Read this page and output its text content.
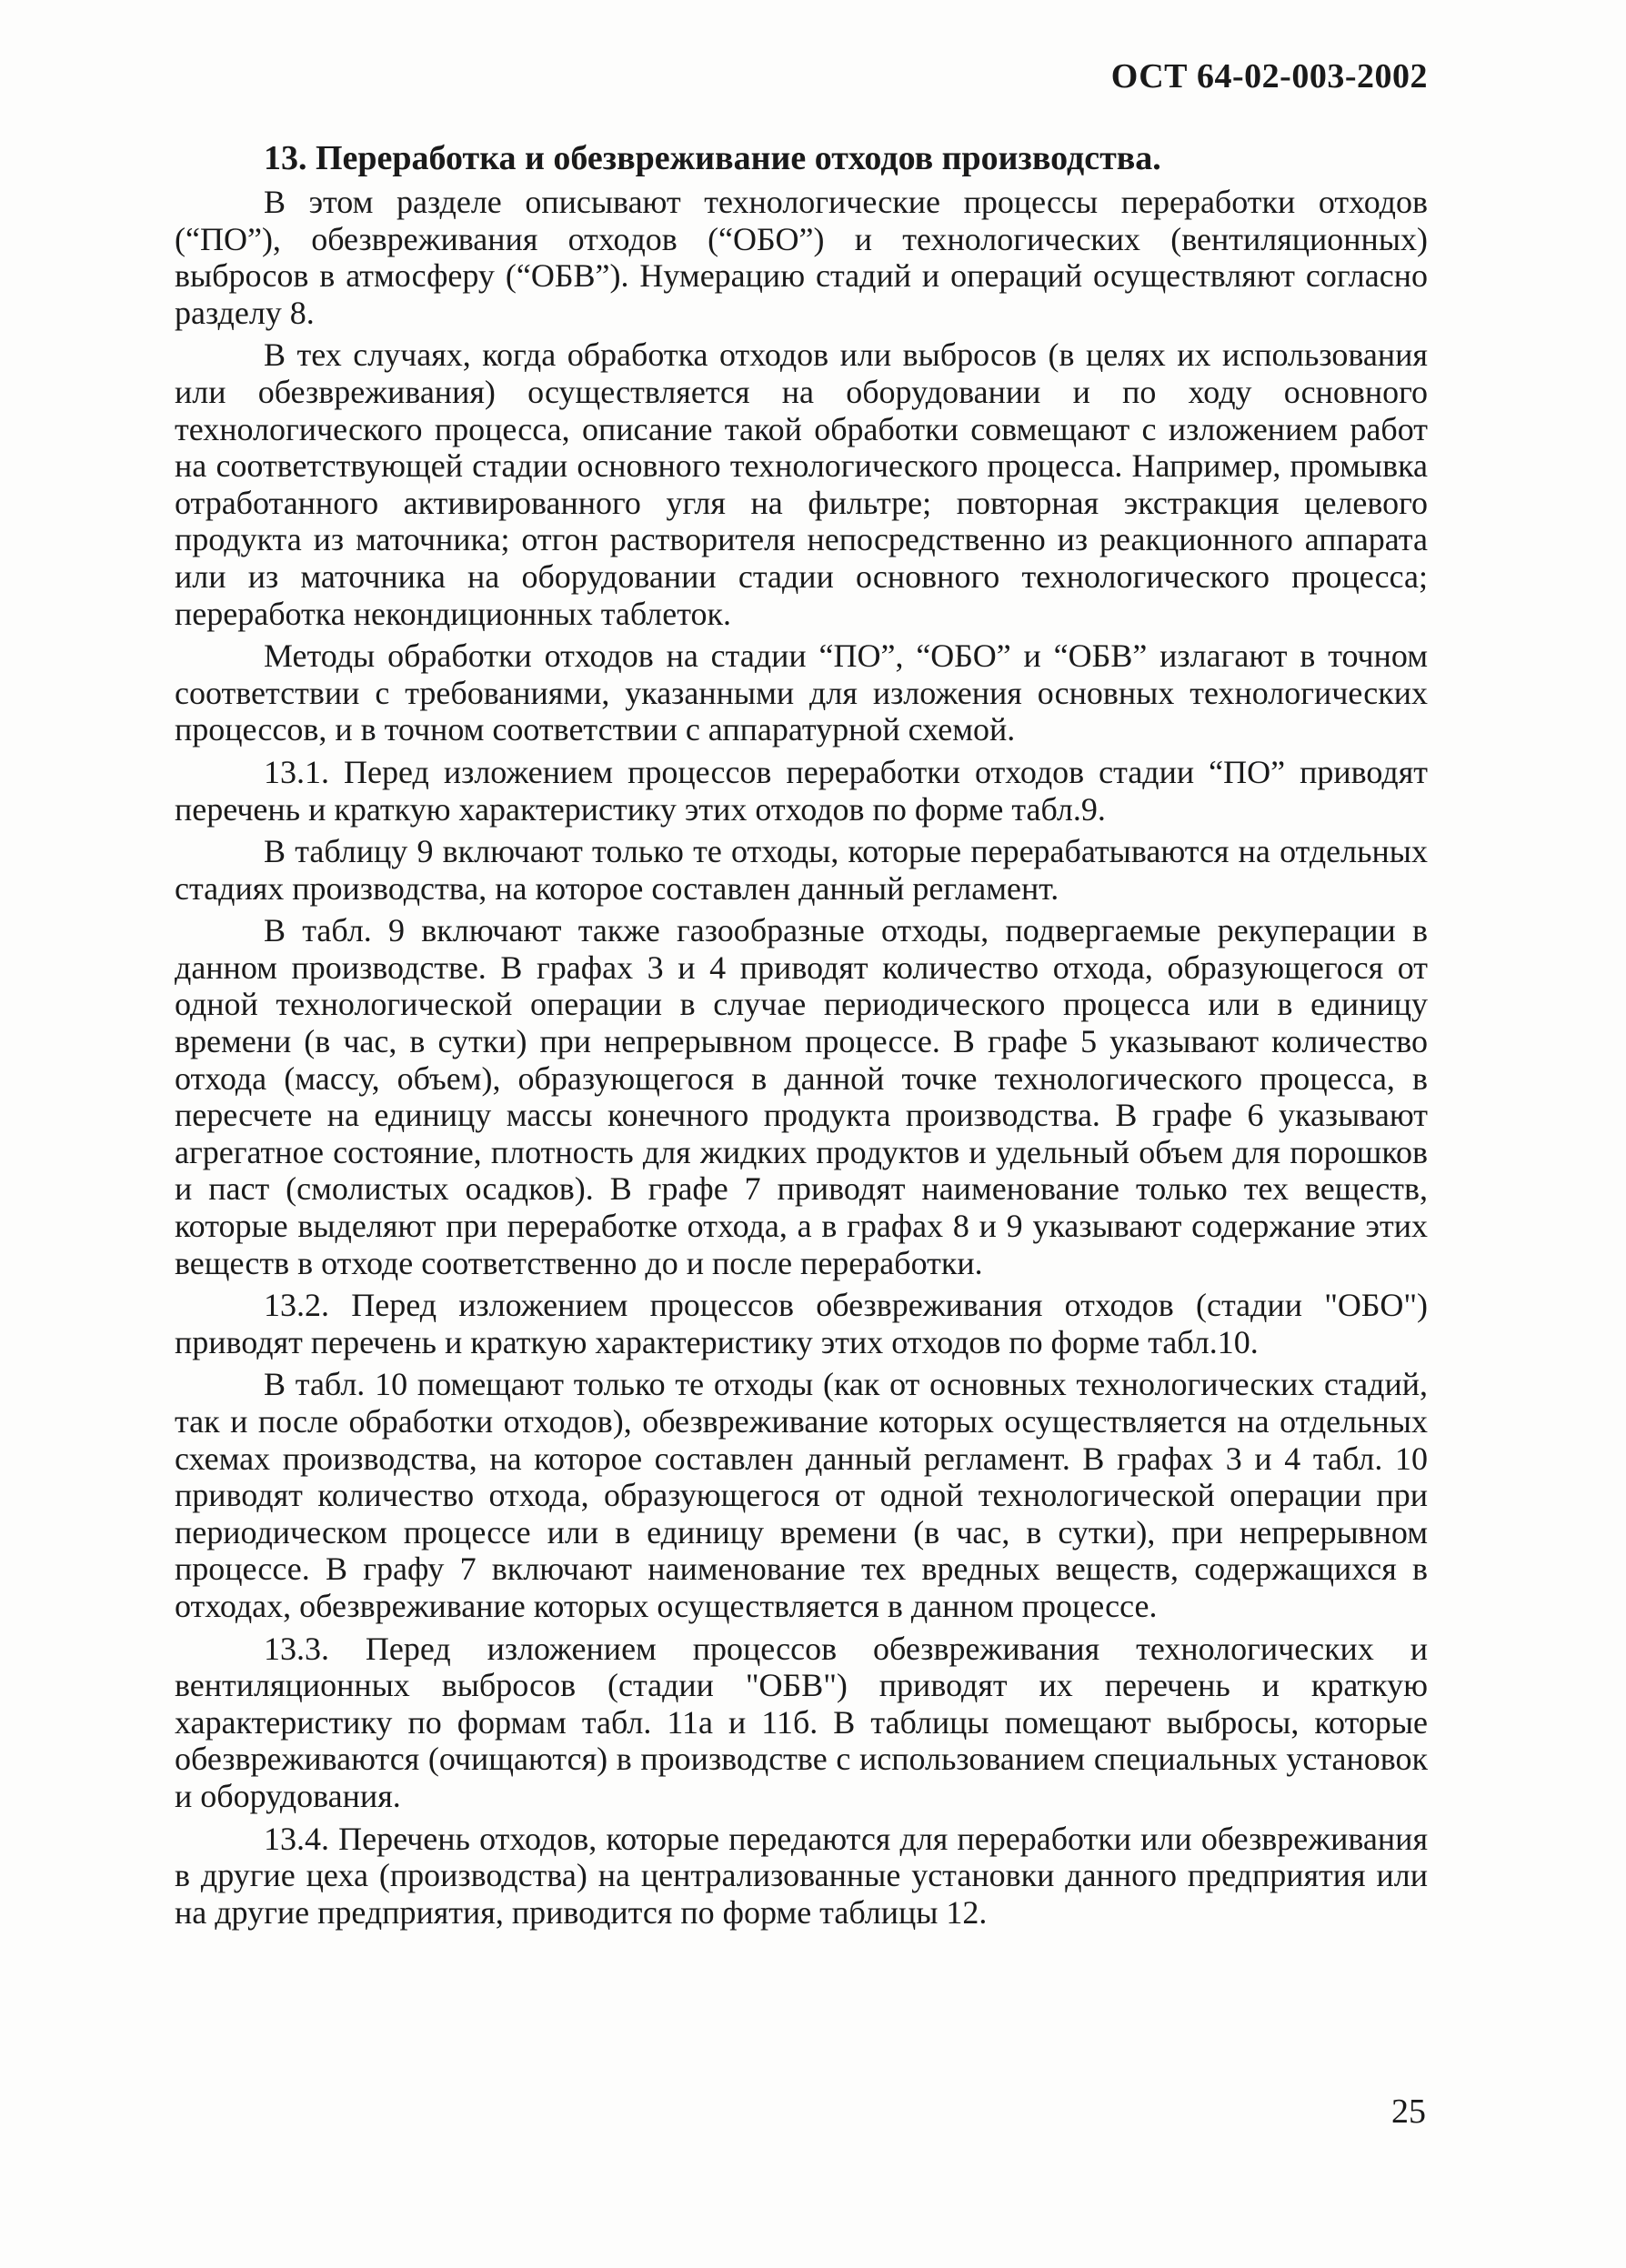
ОСТ 64-02-003-2002
13. Переработка и обезвреживание отходов производства.

В этом разделе описывают технологические процессы переработки отходов (“ПО”), обезвреживания отходов (“ОБО”) и технологических (вентиляционных) выбросов в атмосферу (“ОБВ”). Нумерацию стадий и операций осуществляют согласно разделу 8.

В тех случаях, когда обработка отходов или выбросов (в целях их использования или обезвреживания) осуществляется на оборудовании и по ходу основного технологического процесса, описание такой обработки совмещают с изложением работ на соответствующей стадии основного технологического процесса. Например, промывка отработанного активированного угля на фильтре; повторная экстракция целевого продукта из маточника; отгон растворителя непосредственно из реакционного аппарата или из маточника на оборудовании стадии основного технологического процесса; переработка некондиционных таблеток.

Методы обработки отходов на стадии “ПО”, “ОБО” и “ОБВ” излагают в точном соответствии с требованиями, указанными для изложения основных технологических процессов, и в точном соответствии с аппаратурной схемой.

13.1. Перед изложением процессов переработки отходов стадии “ПО” приводят перечень и краткую характеристику этих отходов по форме табл.9.

В таблицу 9 включают только те отходы, которые перерабатываются на отдельных стадиях производства, на которое составлен данный регламент.

В табл. 9 включают также газообразные отходы, подвергаемые рекуперации в данном производстве. В графах 3 и 4 приводят количество отхода, образующегося от одной технологической операции в случае периодического процесса или в единицу времени (в час, в сутки) при непрерывном процессе. В графе 5 указывают количество отхода (массу, объем), образующегося в данной точке технологического процесса, в пересчете на единицу массы конечного продукта производства. В графе 6 указывают агрегатное состояние, плотность для жидких продуктов и удельный объем для порошков и паст (смолистых осадков). В графе 7 приводят наименование только тех веществ, которые выделяют при переработке отхода, а в графах 8 и 9 указывают содержание этих веществ в отходе соответственно до и после переработки.

13.2. Перед изложением процессов обезвреживания отходов (стадии "ОБО") приводят перечень и краткую характеристику этих отходов по форме табл.10.

В табл. 10 помещают только те отходы (как от основных технологических стадий, так и после обработки отходов), обезвреживание которых осуществляется на отдельных схемах производства, на которое составлен данный регламент. В графах 3 и 4 табл. 10 приводят количество отхода, образующегося от одной технологической операции при периодическом процессе или в единицу времени (в час, в сутки), при непрерывном процессе. В графу 7 включают наименование тех вредных веществ, содержащихся в отходах, обезвреживание которых осуществляется в данном процессе.

13.3. Перед изложением процессов обезвреживания технологических и вентиляционных выбросов (стадии "ОБВ") приводят их перечень и краткую характеристику по формам табл. 11а и 11б. В таблицы помещают выбросы, которые обезвреживаются (очищаются) в производстве с использованием специальных установок и оборудования.

13.4. Перечень отходов, которые передаются для переработки или обезвреживания в другие цеха (производства) на централизованные установки данного предприятия или на другие предприятия, приводится по форме таблицы 12.

25
